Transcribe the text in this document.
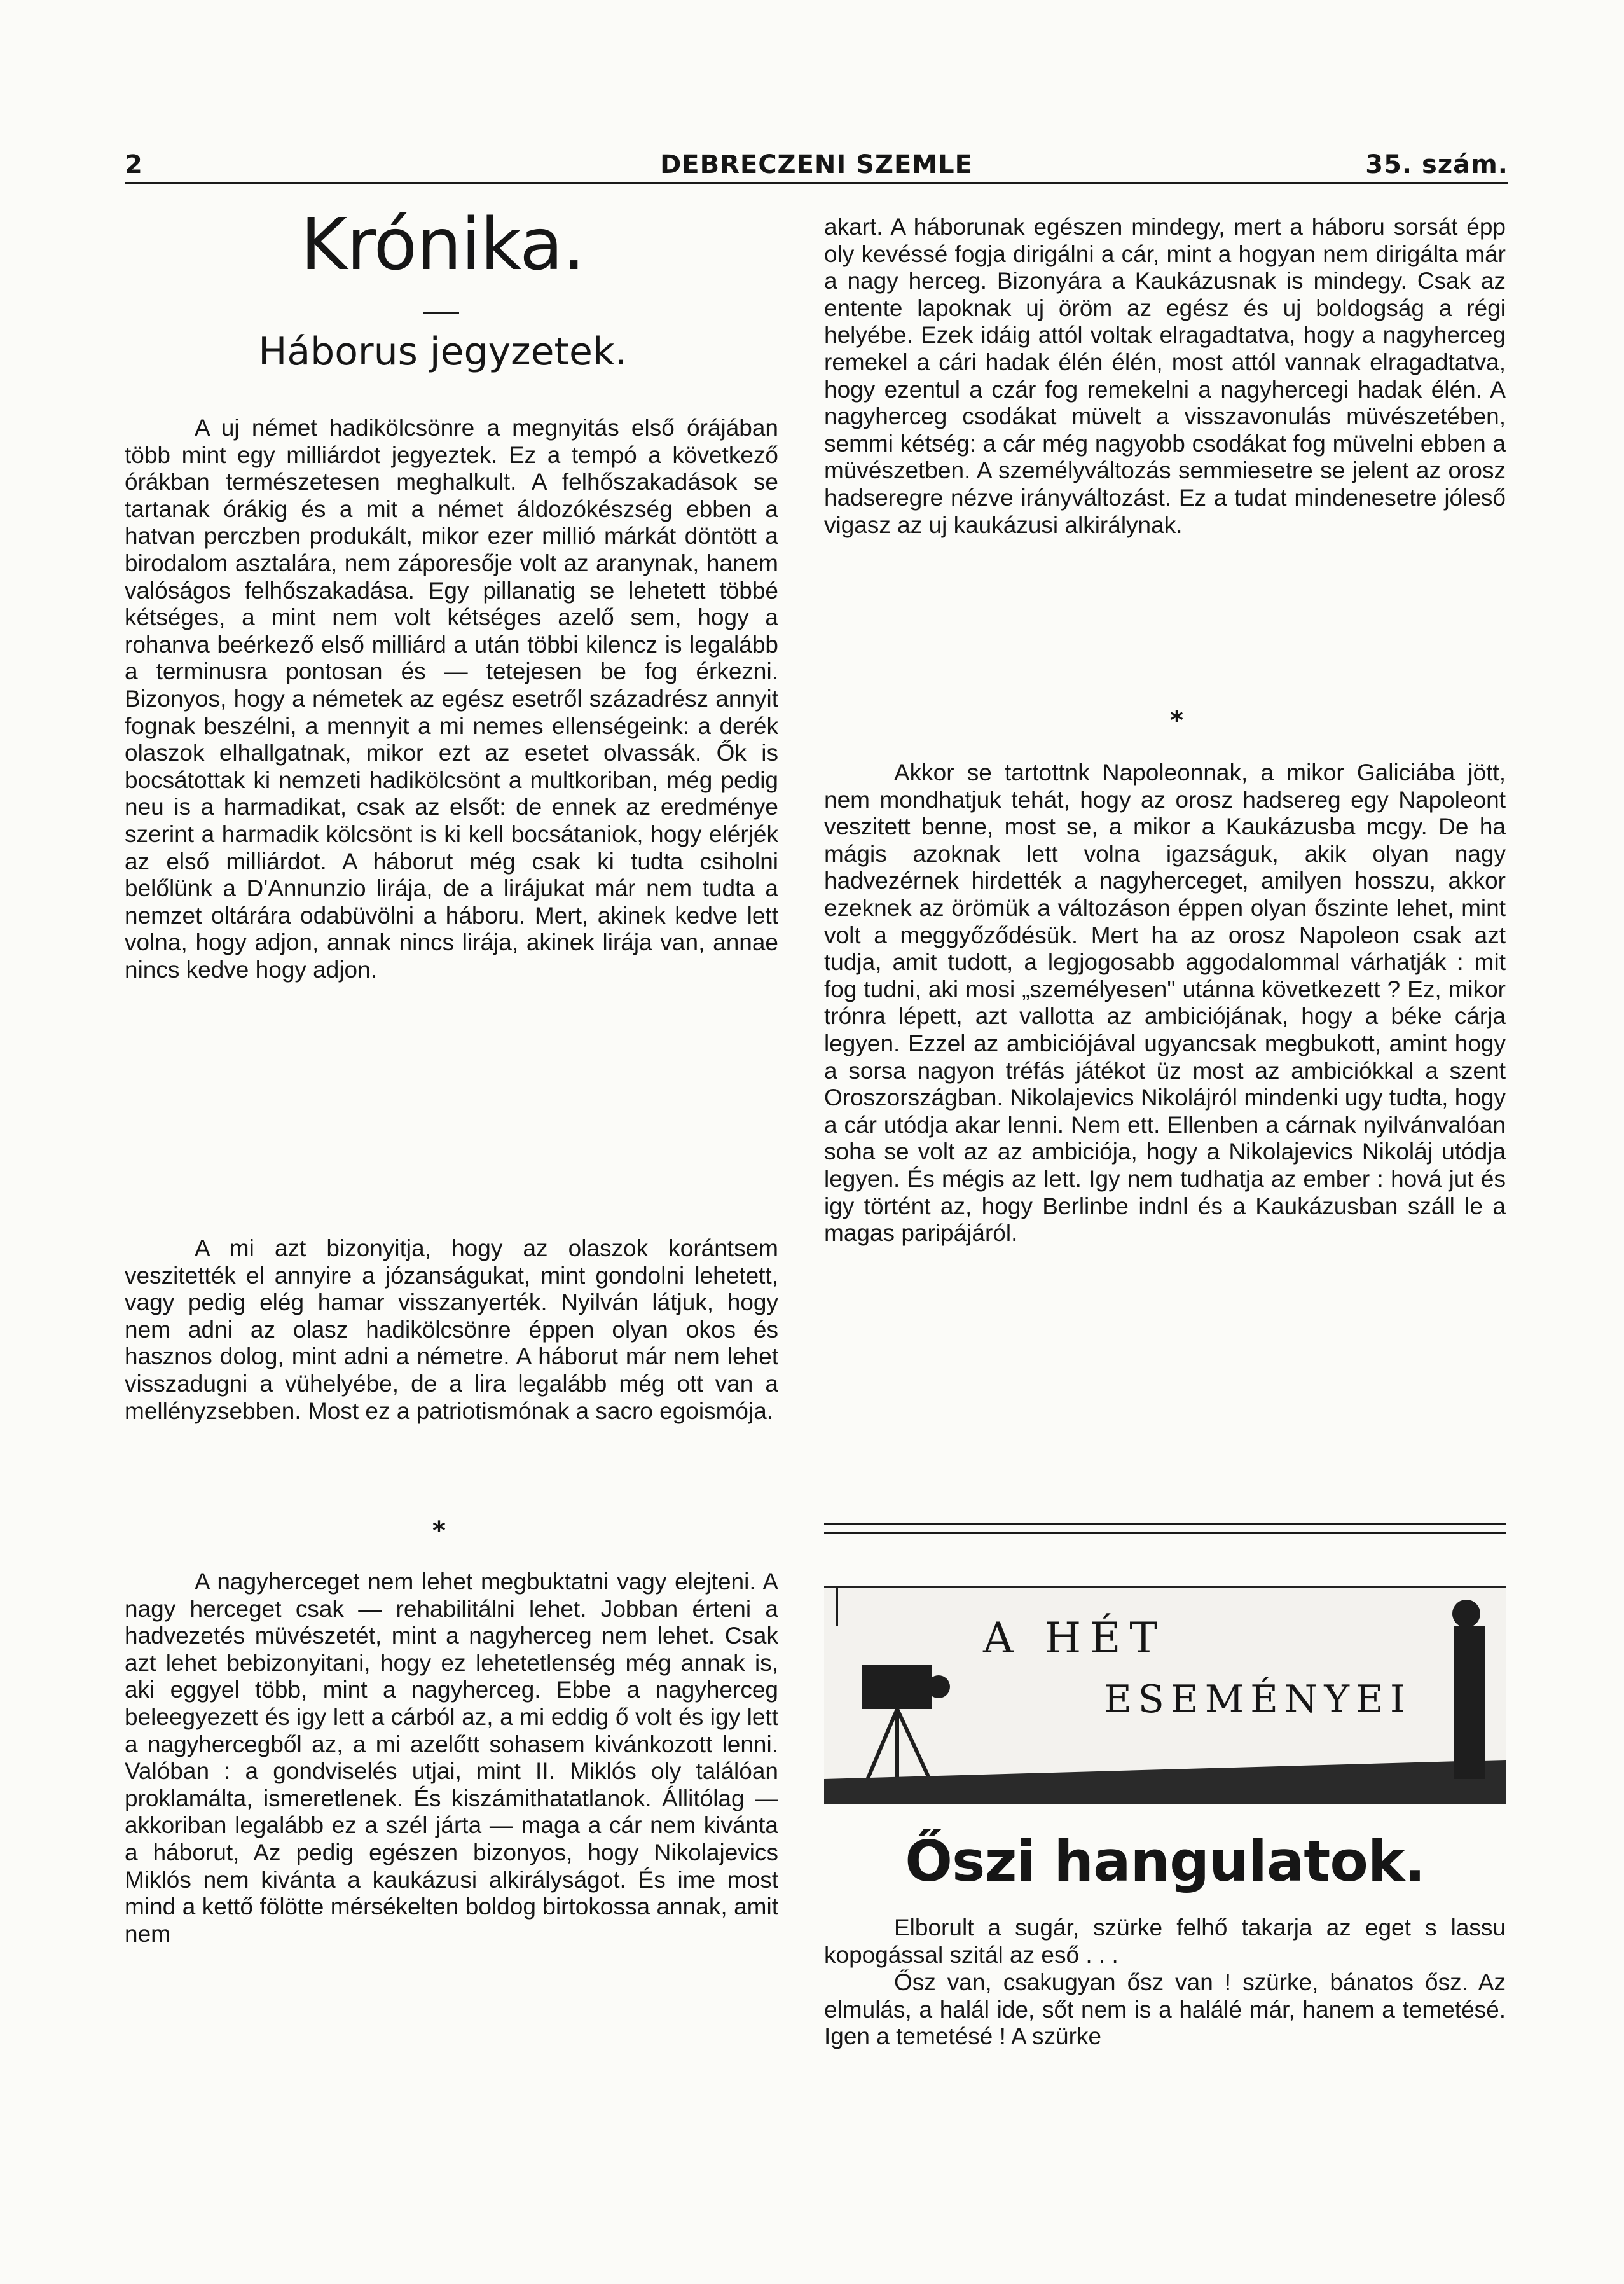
2	DEBRECZENI SZEMLE	35. szám.
Krónika.
Háborus jegyzetek.

A uj német hadikölcsönre a megnyitás első órájában több mint egy milliárdot jegyeztek. Ez a tempó a következő órákban természetesen meghalkult. A felhőszakadások se tartanak órákig és a mit a német áldozókészség ebben a hatvan perczben produkált, mikor ezer millió márkát döntött a birodalom asztalára, nem záporesője volt az aranynak, hanem valóságos felhőszakadása. Egy pillanatig se lehetett többé kétséges, a mint nem volt kétséges azelő sem, hogy a rohanva beérkező első milliárd a után többi kilencz is legalább a terminusra pontosan és — tetejesen be fog érkezni. Bizonyos, hogy a németek az egész esetről századrész annyit fognak beszélni, a mennyit a mi nemes ellenségeink: a derék olaszok elhallgatnak, mikor ezt az esetet olvassák. Ők is bocsátottak ki nemzeti hadikölcsönt a multkoriban, még pedig neu is a harmadikat, csak az elsőt: de ennek az eredménye szerint a harmadik kölcsönt is ki kell bocsátaniok, hogy elérjék az első milliárdot. A háborut még csak ki tudta csiholni belőlünk a D'Annunzio lirája, de a lirájukat már nem tudta a nemzet oltárára odabüvölni a háboru. Mert, akinek kedve lett volna, hogy adjon, annak nincs lirája, akinek lirája van, annae nincs kedve hogy adjon.

A mi azt bizonyitja, hogy az olaszok korántsem veszitették el annyire a józanságukat, mint gondolni lehetett, vagy pedig elég hamar visszanyerték. Nyilván látjuk, hogy nem adni az olasz hadikölcsönre éppen olyan okos és hasznos dolog, mint adni a németre. A háborut már nem lehet visszadugni a vühelyébe, de a lira legalább még ott van a mellényzsebben. Most ez a patriotismónak a sacro egoismója.

*

A nagyherceget nem lehet megbuktatni vagy elejteni. A nagy herceget csak — rehabilitálni lehet. Jobban érteni a hadvezetés müvészetét, mint a nagyherceg nem lehet. Csak azt lehet bebizonyitani, hogy ez lehetetlenség még annak is, aki eggyel több, mint a nagyherceg. Ebbe a nagyherceg beleegyezett és igy lett a cárból az, a mi eddig ő volt és igy lett a nagyhercegből az, a mi azelőtt sohasem kivánkozott lenni. Valóban : a gondviselés utjai, mint II. Miklós oly találóan proklamálta, ismeretlenek. És kiszámithatatlanok. Állitólag — akkoriban legalább ez a szél járta — maga a cár nem kivánta a háborut, Az pedig egészen bizonyos, hogy Nikolajevics Miklós nem kivánta a kaukázusi alkirályságot. És ime most mind a kettő fölötte mérsékelten boldog birtokossa annak, amit nem

akart. A háborunak egészen mindegy, mert a háboru sorsát épp oly kevéssé fogja dirigálni a cár, mint a hogyan nem dirigálta már a nagy herceg. Bizonyára a Kaukázusnak is mindegy. Csak az entente lapoknak uj öröm az egész és uj boldogság a régi helyébe. Ezek idáig attól voltak elragadtatva, hogy a nagyherceg remekel a cári hadak élén élén, most attól vannak elragadtatva, hogy ezentul a czár fog remekelni a nagyhercegi hadak élén. A nagyherceg csodákat müvelt a visszavonulás müvészetében, semmi kétség: a cár még nagyobb csodákat fog müvelni ebben a müvészetben. A személyváltozás semmiesetre se jelent az orosz hadseregre nézve irányváltozást. Ez a tudat mindenesetre jóleső vigasz az uj kaukázusi alkirálynak.

*

Akkor se tartottnk Napoleonnak, a mikor Galiciába jött, nem mondhatjuk tehát, hogy az orosz hadsereg egy Napoleont veszitett benne, most se, a mikor a Kaukázusba mcgy. De ha mágis azoknak lett volna igazságuk, akik olyan nagy hadvezérnek hirdették a nagyherceget, amilyen hosszu, akkor ezeknek az örömük a változáson éppen olyan őszinte lehet, mint volt a meggyőződésük. Mert ha az orosz Napoleon csak azt tudja, amit tudott, a legjogosabb aggodalommal várhatják : mit fog tudni, aki mosi „személyesen" utánna következett ? Ez, mikor trónra lépett, azt vallotta az ambiciójának, hogy a béke cárja legyen. Ezzel az ambiciójával ugyancsak megbukott, amint hogy a sorsa nagyon tréfás játékot üz most az ambiciókkal a szent Oroszországban. Nikolajevics Nikolájról mindenki ugy tudta, hogy a cár utódja akar lenni. Nem ett. Ellenben a cárnak nyilvánvalóan soha se volt az az ambiciója, hogy a Nikolajevics Nikoláj utódja legyen. És mégis az lett. Igy nem tudhatja az ember : hová jut és igy történt az, hogy Berlinbe indnl és a Kaukázusban száll le a magas paripájáról.

A HÉT
ESEMÉNYEI
Őszi hangulatok.

Elborult a sugár, szürke felhő takarja az eget s lassu kopogással szitál az eső . . .

Ősz van, csakugyan ősz van ! szürke, bánatos ősz. Az elmulás, a halál ide, sőt nem is a halálé már, hanem a temetésé. Igen a temetésé ! A szürke
